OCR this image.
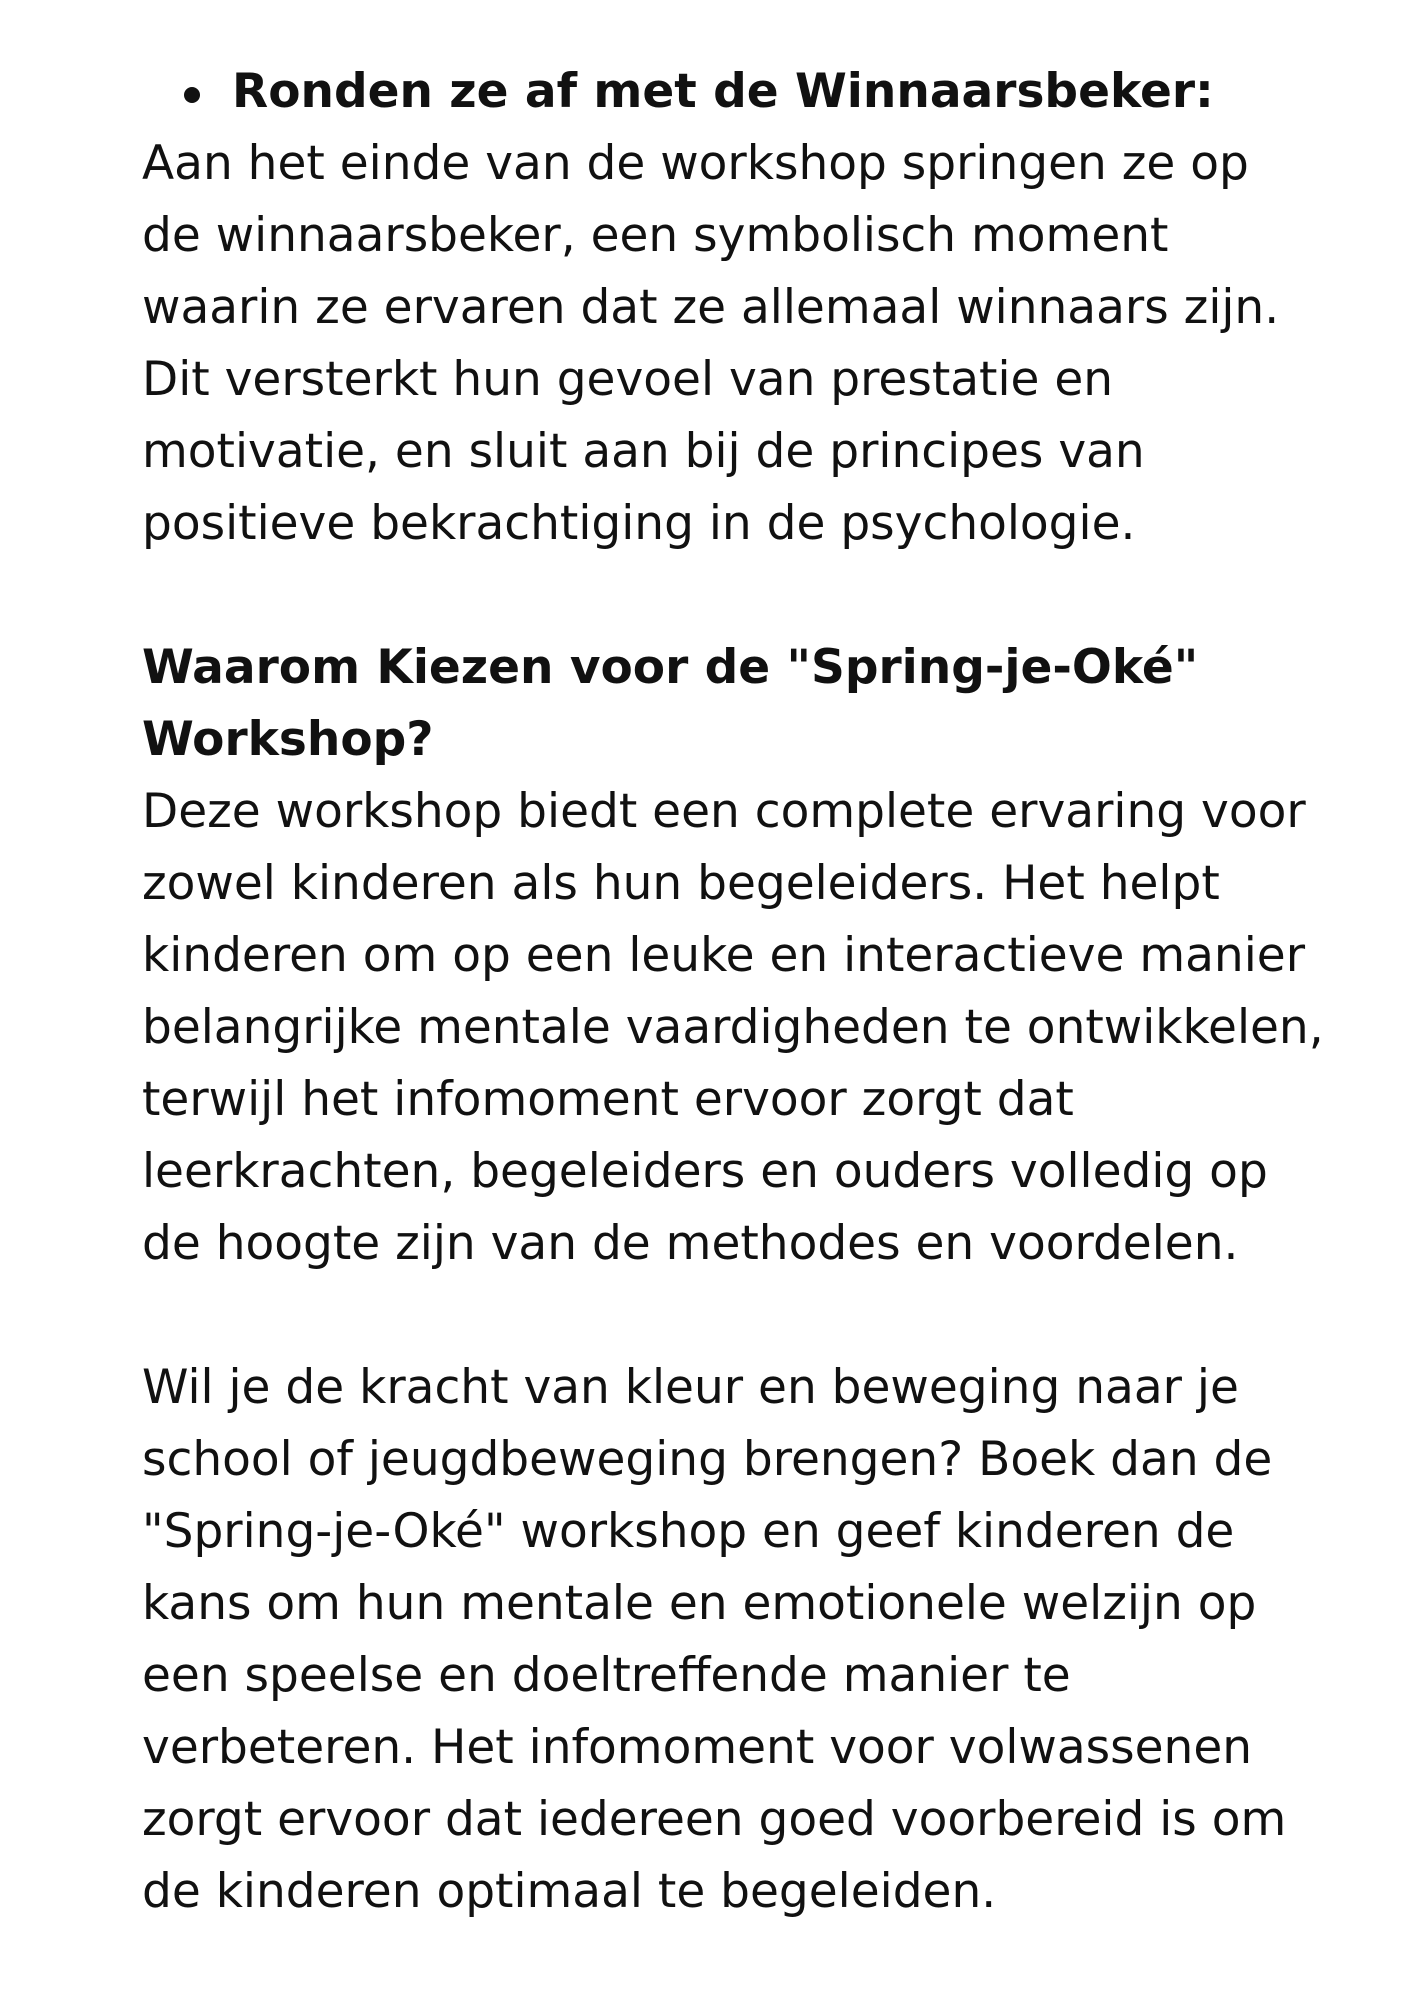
Ronden ze af met de Winnaarsbeker:
Aan het einde van de workshop springen ze op
de winnaarsbeker, een symbolisch moment
waarin ze ervaren dat ze allemaal winnaars zijn.
Dit versterkt hun gevoel van prestatie en
motivatie, en sluit aan bij de principes van
positieve bekrachtiging in de psychologie.
Waarom Kiezen voor de "Spring-je-Oké"
Workshop?
Deze workshop biedt een complete ervaring voor
zowel kinderen als hun begeleiders. Het helpt
kinderen om op een leuke en interactieve manier
belangrijke mentale vaardigheden te ontwikkelen,
terwijl het infomoment ervoor zorgt dat
leerkrachten, begeleiders en ouders volledig op
de hoogte zijn van de methodes en voordelen.
Wil je de kracht van kleur en beweging naar je
school of jeugdbeweging brengen? Boek dan de
"Spring-je-Oké" workshop en geef kinderen de
kans om hun mentale en emotionele welzijn op
een speelse en doeltreffende manier te
verbeteren. Het infomoment voor volwassenen
zorgt ervoor dat iedereen goed voorbereid is om
de kinderen optimaal te begeleiden.
